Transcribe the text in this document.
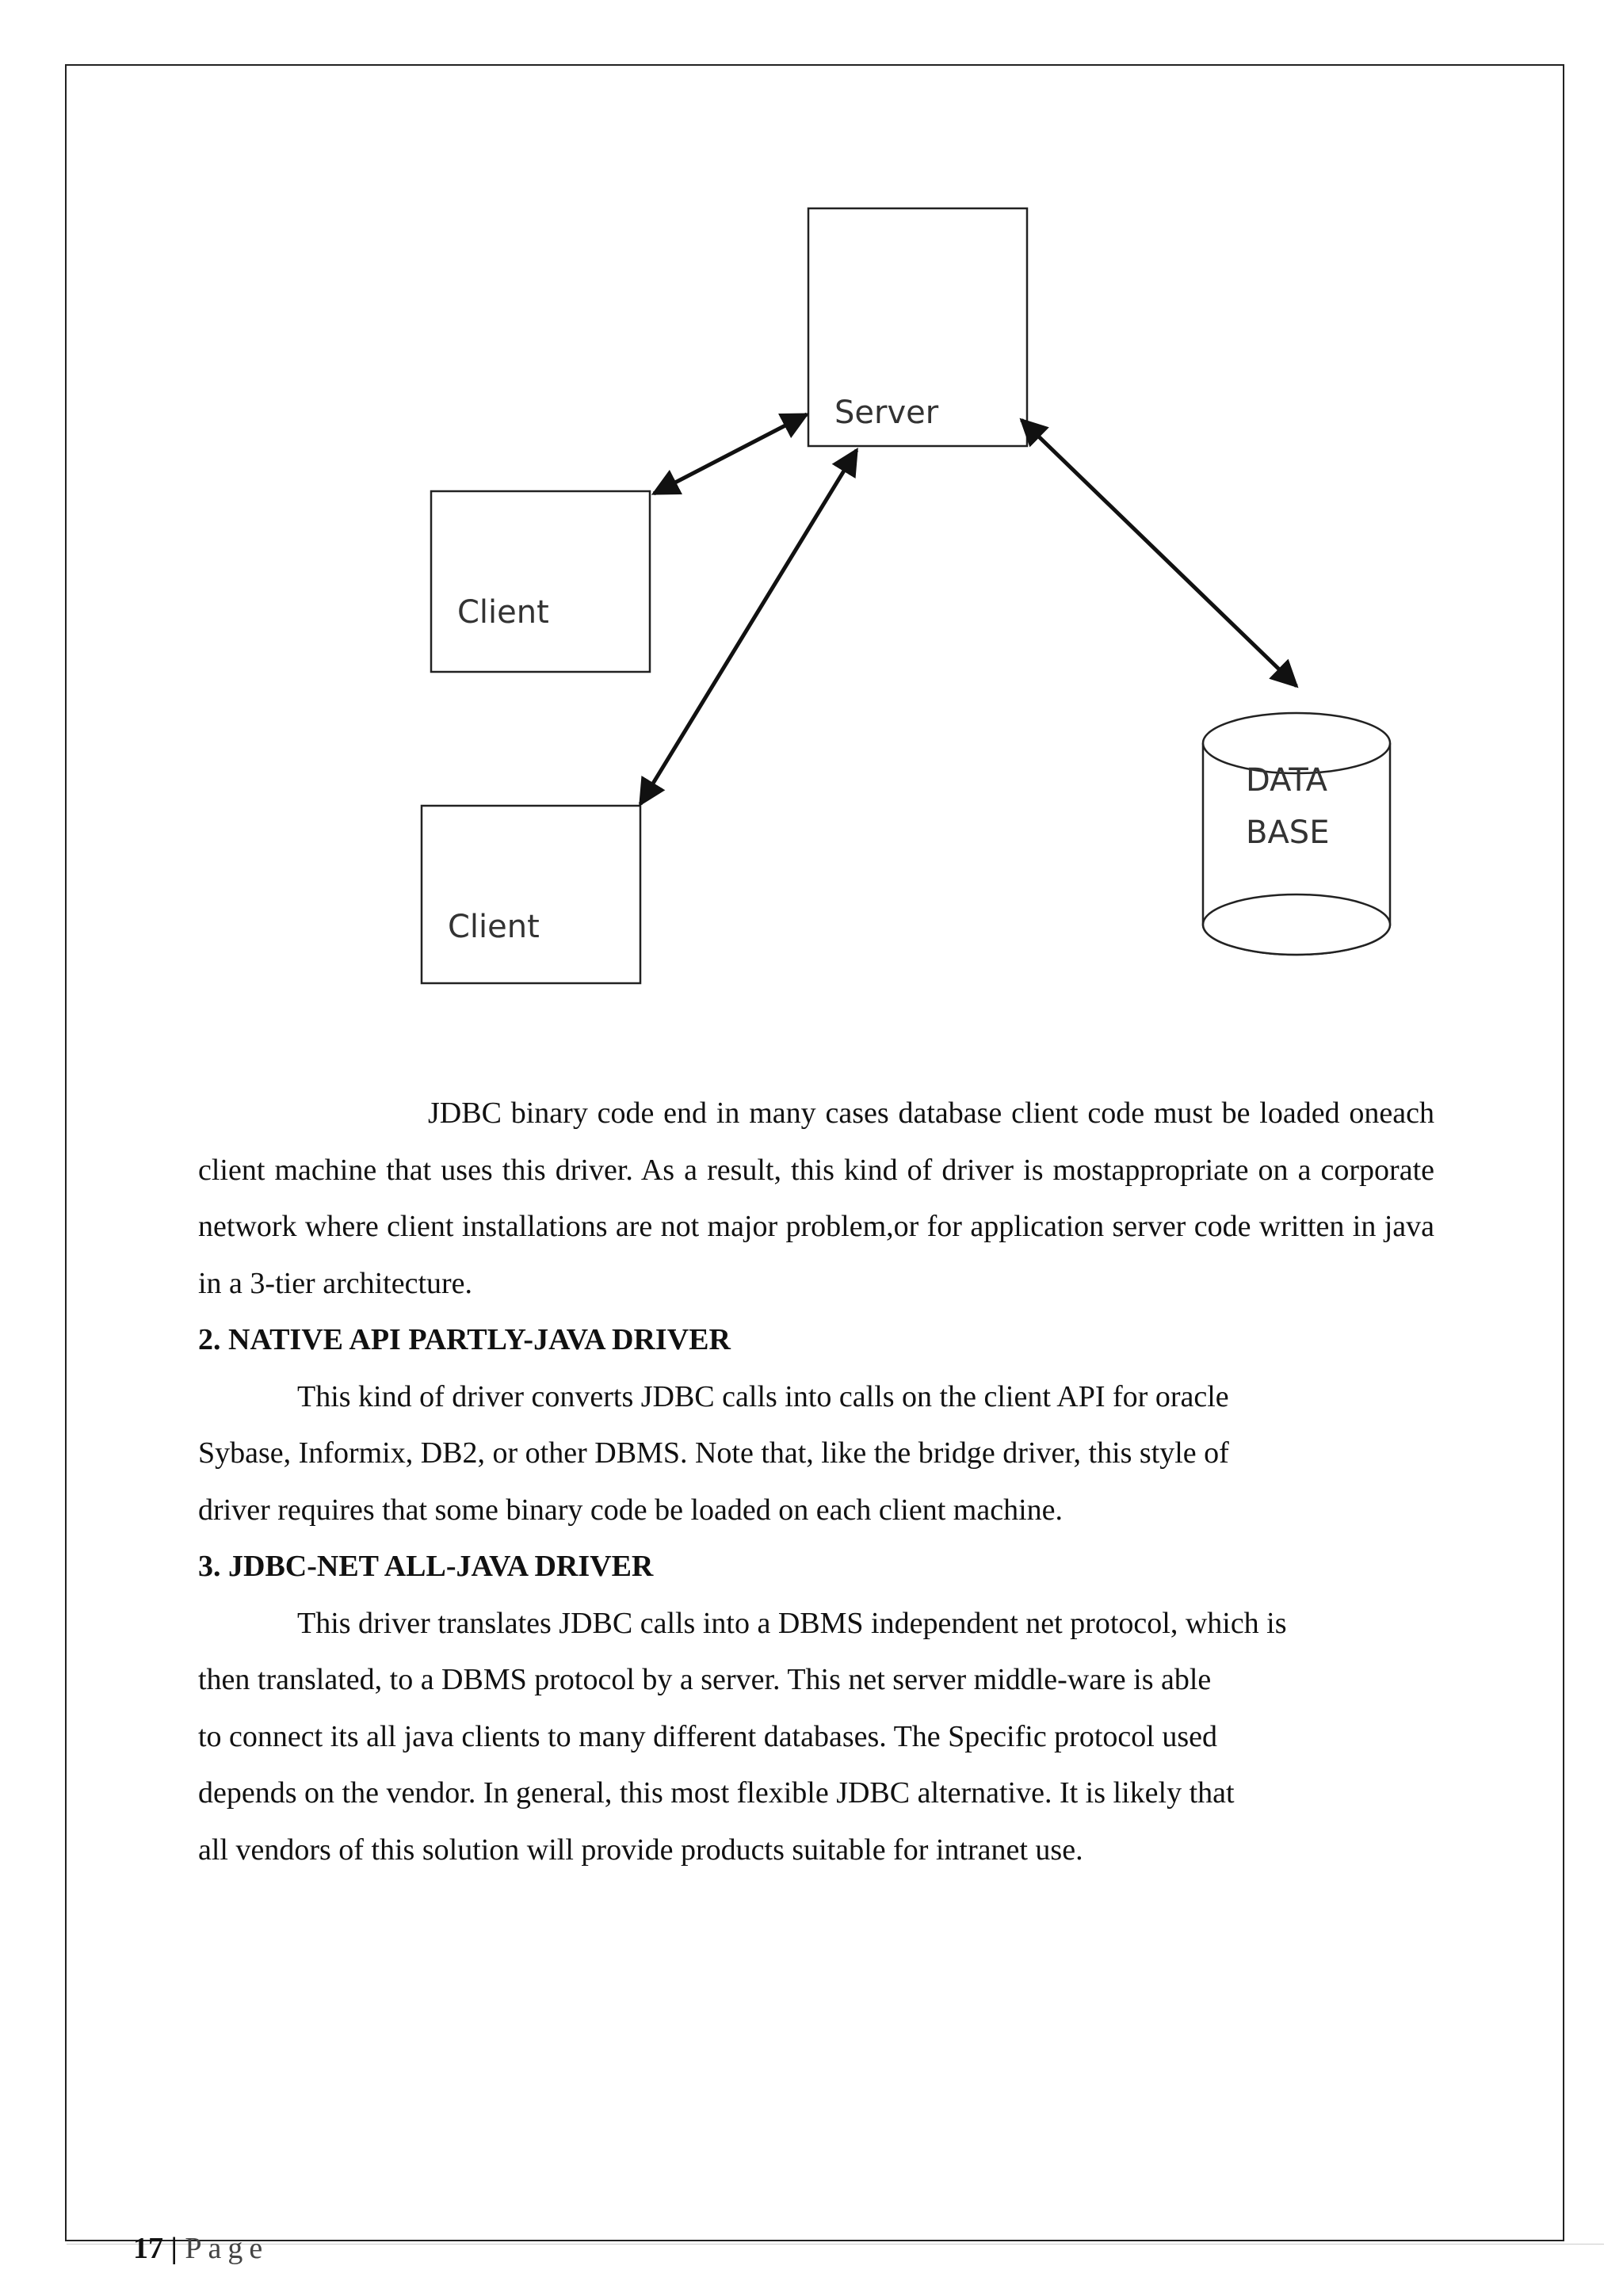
Server
Client
Client
DATA
BASE

JDBC binary code end in many cases database client code must be loaded oneach client machine that uses this driver. As a result, this kind of driver is mostappropriate on a corporate network where client installations are not major problem,or for application server code written in java in a 3-tier architecture.

2. NATIVE API PARTLY-JAVA DRIVER

This kind of driver converts JDBC calls into calls on the client API for oracle

Sybase, Informix, DB2, or other DBMS. Note that, like the bridge driver, this style of

driver requires that some binary code be loaded on each client machine.

3. JDBC-NET ALL-JAVA DRIVER

This driver translates JDBC calls into a DBMS independent net protocol, which is

then translated, to a DBMS protocol by a server. This net server middle-ware is able

to connect its all java clients to many different databases. The Specific protocol used

depends on the vendor. In general, this most flexible JDBC alternative. It is likely that

all vendors of this solution will provide products suitable for intranet use.

17 | Page
